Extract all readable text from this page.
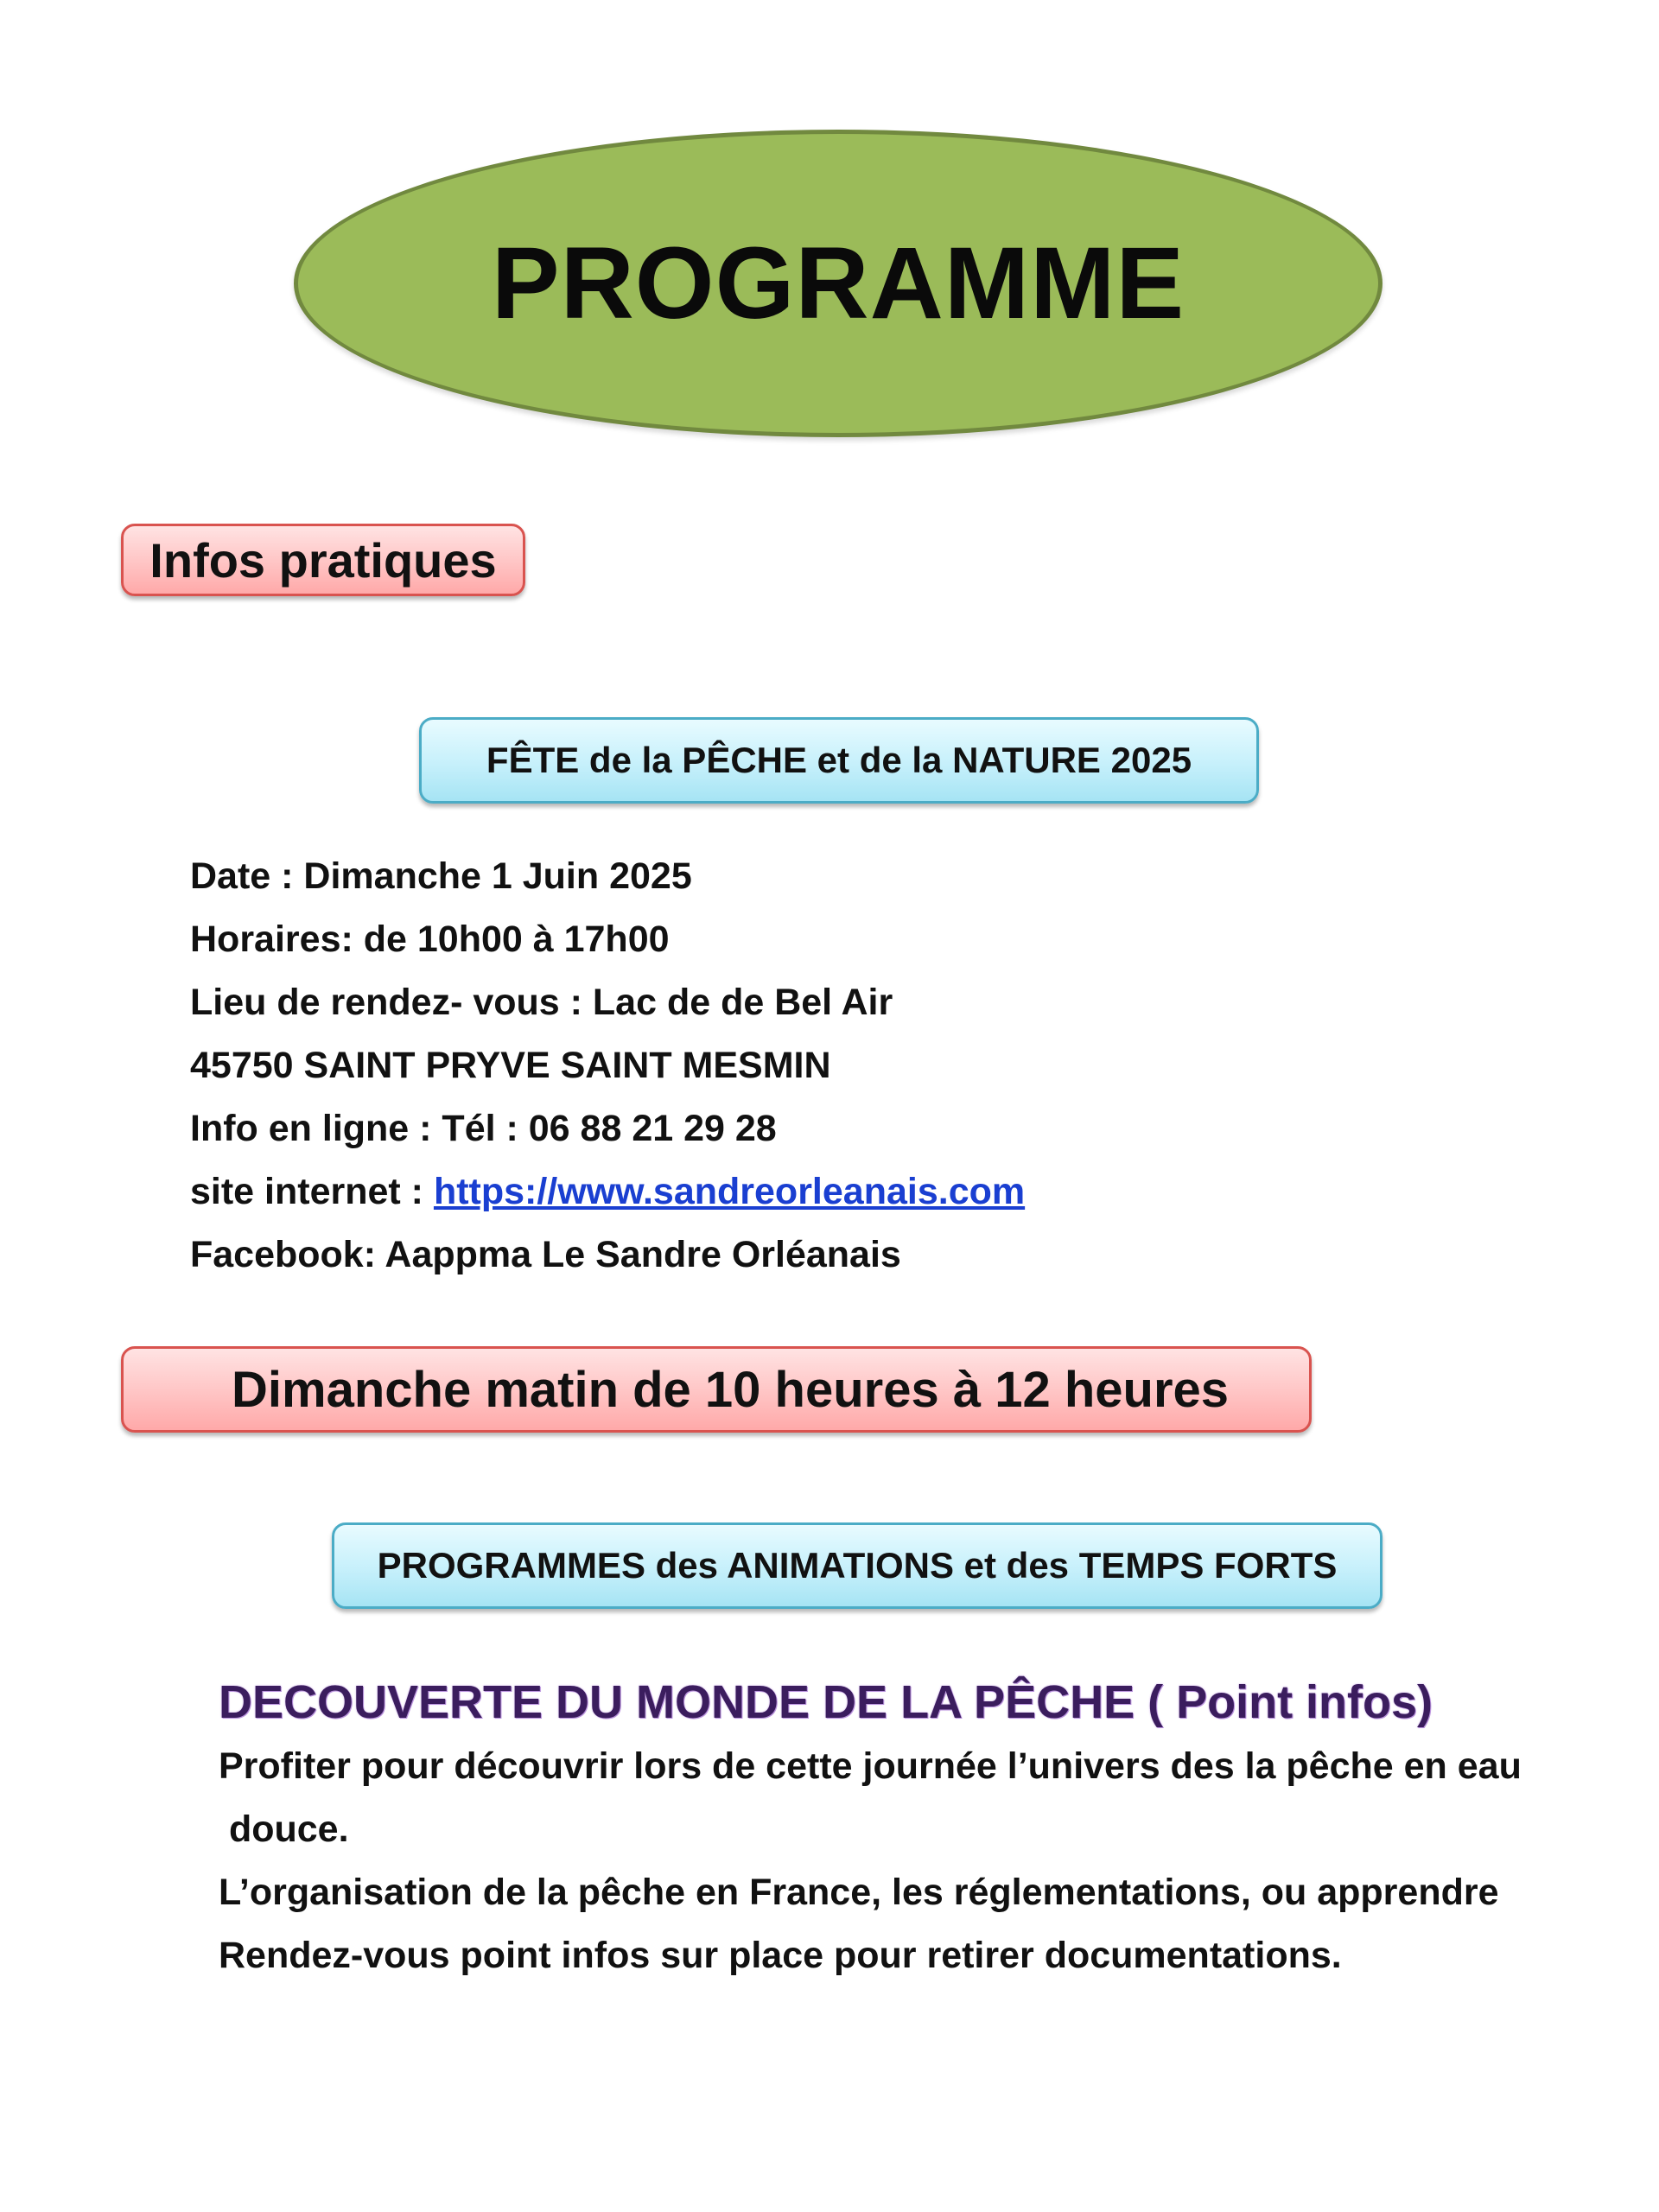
PROGRAMME
Infos pratiques
FÊTE de la PÊCHE et de la NATURE 2025
Date : Dimanche 1 Juin 2025
Horaires: de 10h00 à 17h00
Lieu de rendez- vous : Lac de de Bel Air
45750 SAINT PRYVE SAINT MESMIN
Info en ligne : Tél : 06 88 21 29 28
site internet : https://www.sandreorleanais.com
Facebook: Aappma Le Sandre Orléanais
Dimanche matin de 10 heures à 12 heures
PROGRAMMES des ANIMATIONS et des TEMPS FORTS
DECOUVERTE DU MONDE DE LA PÊCHE ( Point infos)
Profiter pour découvrir lors de cette journée l’univers des la pêche en eau
douce.
L’organisation de la pêche en France, les réglementations, ou apprendre
Rendez-vous point infos sur place pour retirer documentations.
